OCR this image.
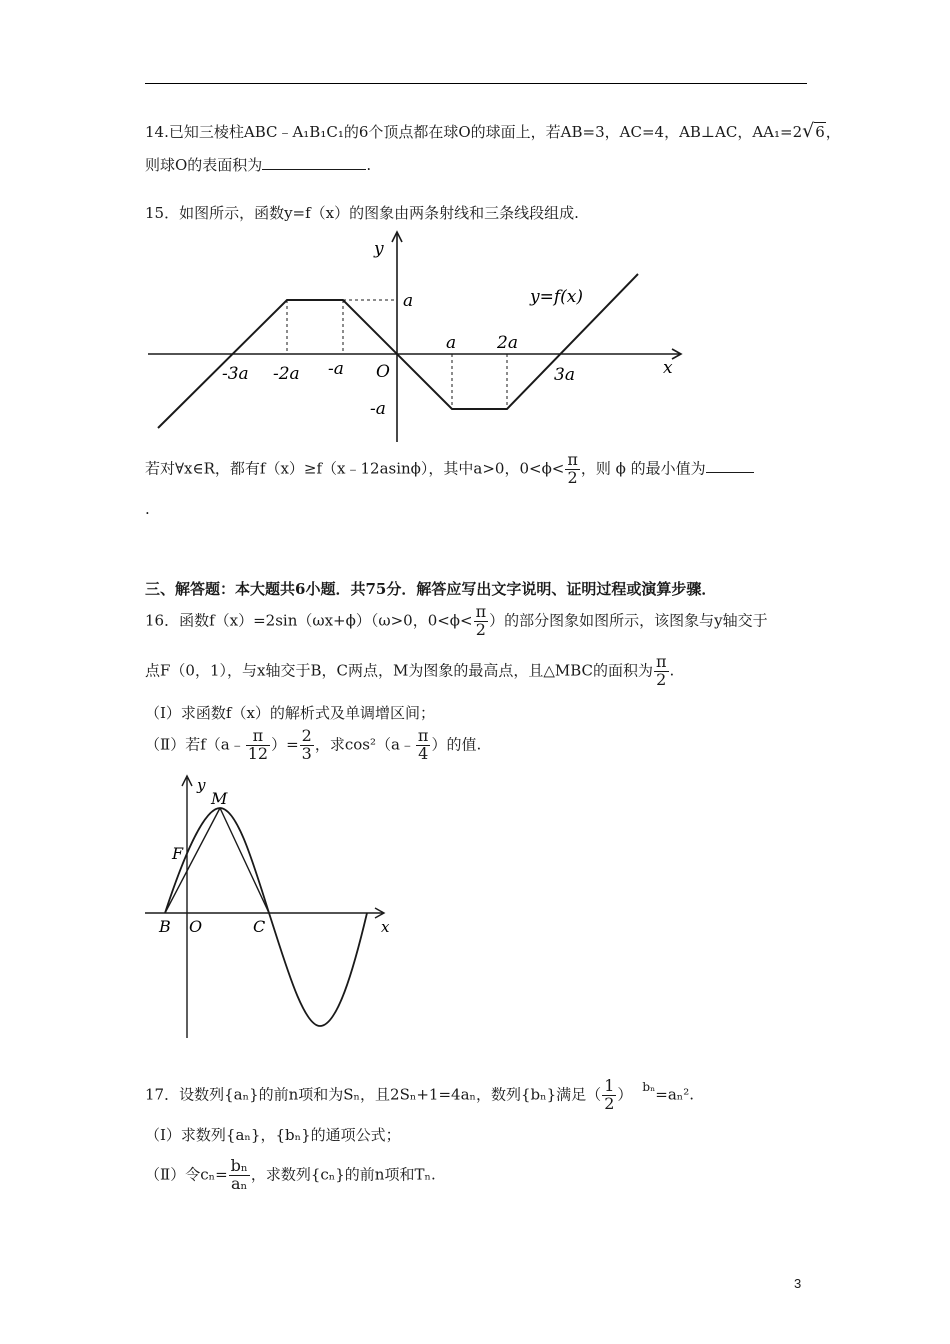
14.已知三棱柱ABC﹣A₁B₁C₁的6个顶点都在球O的球面上，若AB=3，AC=4，AB⊥AC，AA₁=2√6，
则球O的表面积为	.
15．如图所示，函数y=f（x）的图象由两条射线和三条线段组成.
y
x
y=f(x)
a
-a
O
-3a -2a -a
a 2a
3a
若对∀x∈R，都有f（x）≥f（x﹣12asinϕ），其中a>0，$0<\phi< \frac{\pi}{2}$ ，则 ϕ 的最小值为
.
三、解答题：本大题共6小题．共75分．解答应写出文字说明、证明过程或演算步骤．
16．函数f（x）=2sin（ωx+ϕ）（ω>0，$0<\phi< \frac{\pi}{2}$ ）的部分图象如图所示，该图象与y轴交于
点F（0，1），与x轴交于B，C两点，M为图象的最高点，且△MBC的面积为 $\frac{\pi}{2}$ .
（Ⅰ）求函数f（x）的解析式及单调增区间；
（Ⅱ）若f（a﹣ $\frac{\pi}{12}$ ）= $\frac{2}{3}$ ，求cos²（a﹣ $\frac{\pi}{4}$ ）的值.
y
x
M
F
B O	C
17．设数列{aₙ}的前n项和为Sₙ，且2Sₙ+1=4aₙ，数列{bₙ}满足（ $\frac{1}{2}$ ） $^{b_n}$=aₙ².
（Ⅰ）求数列{aₙ}，{bₙ}的通项公式；
（Ⅱ）令$c_n= \frac{\text{bₙ}}{\text{aₙ}}$ ，求数列{cₙ}的前n项和Tₙ.
3
